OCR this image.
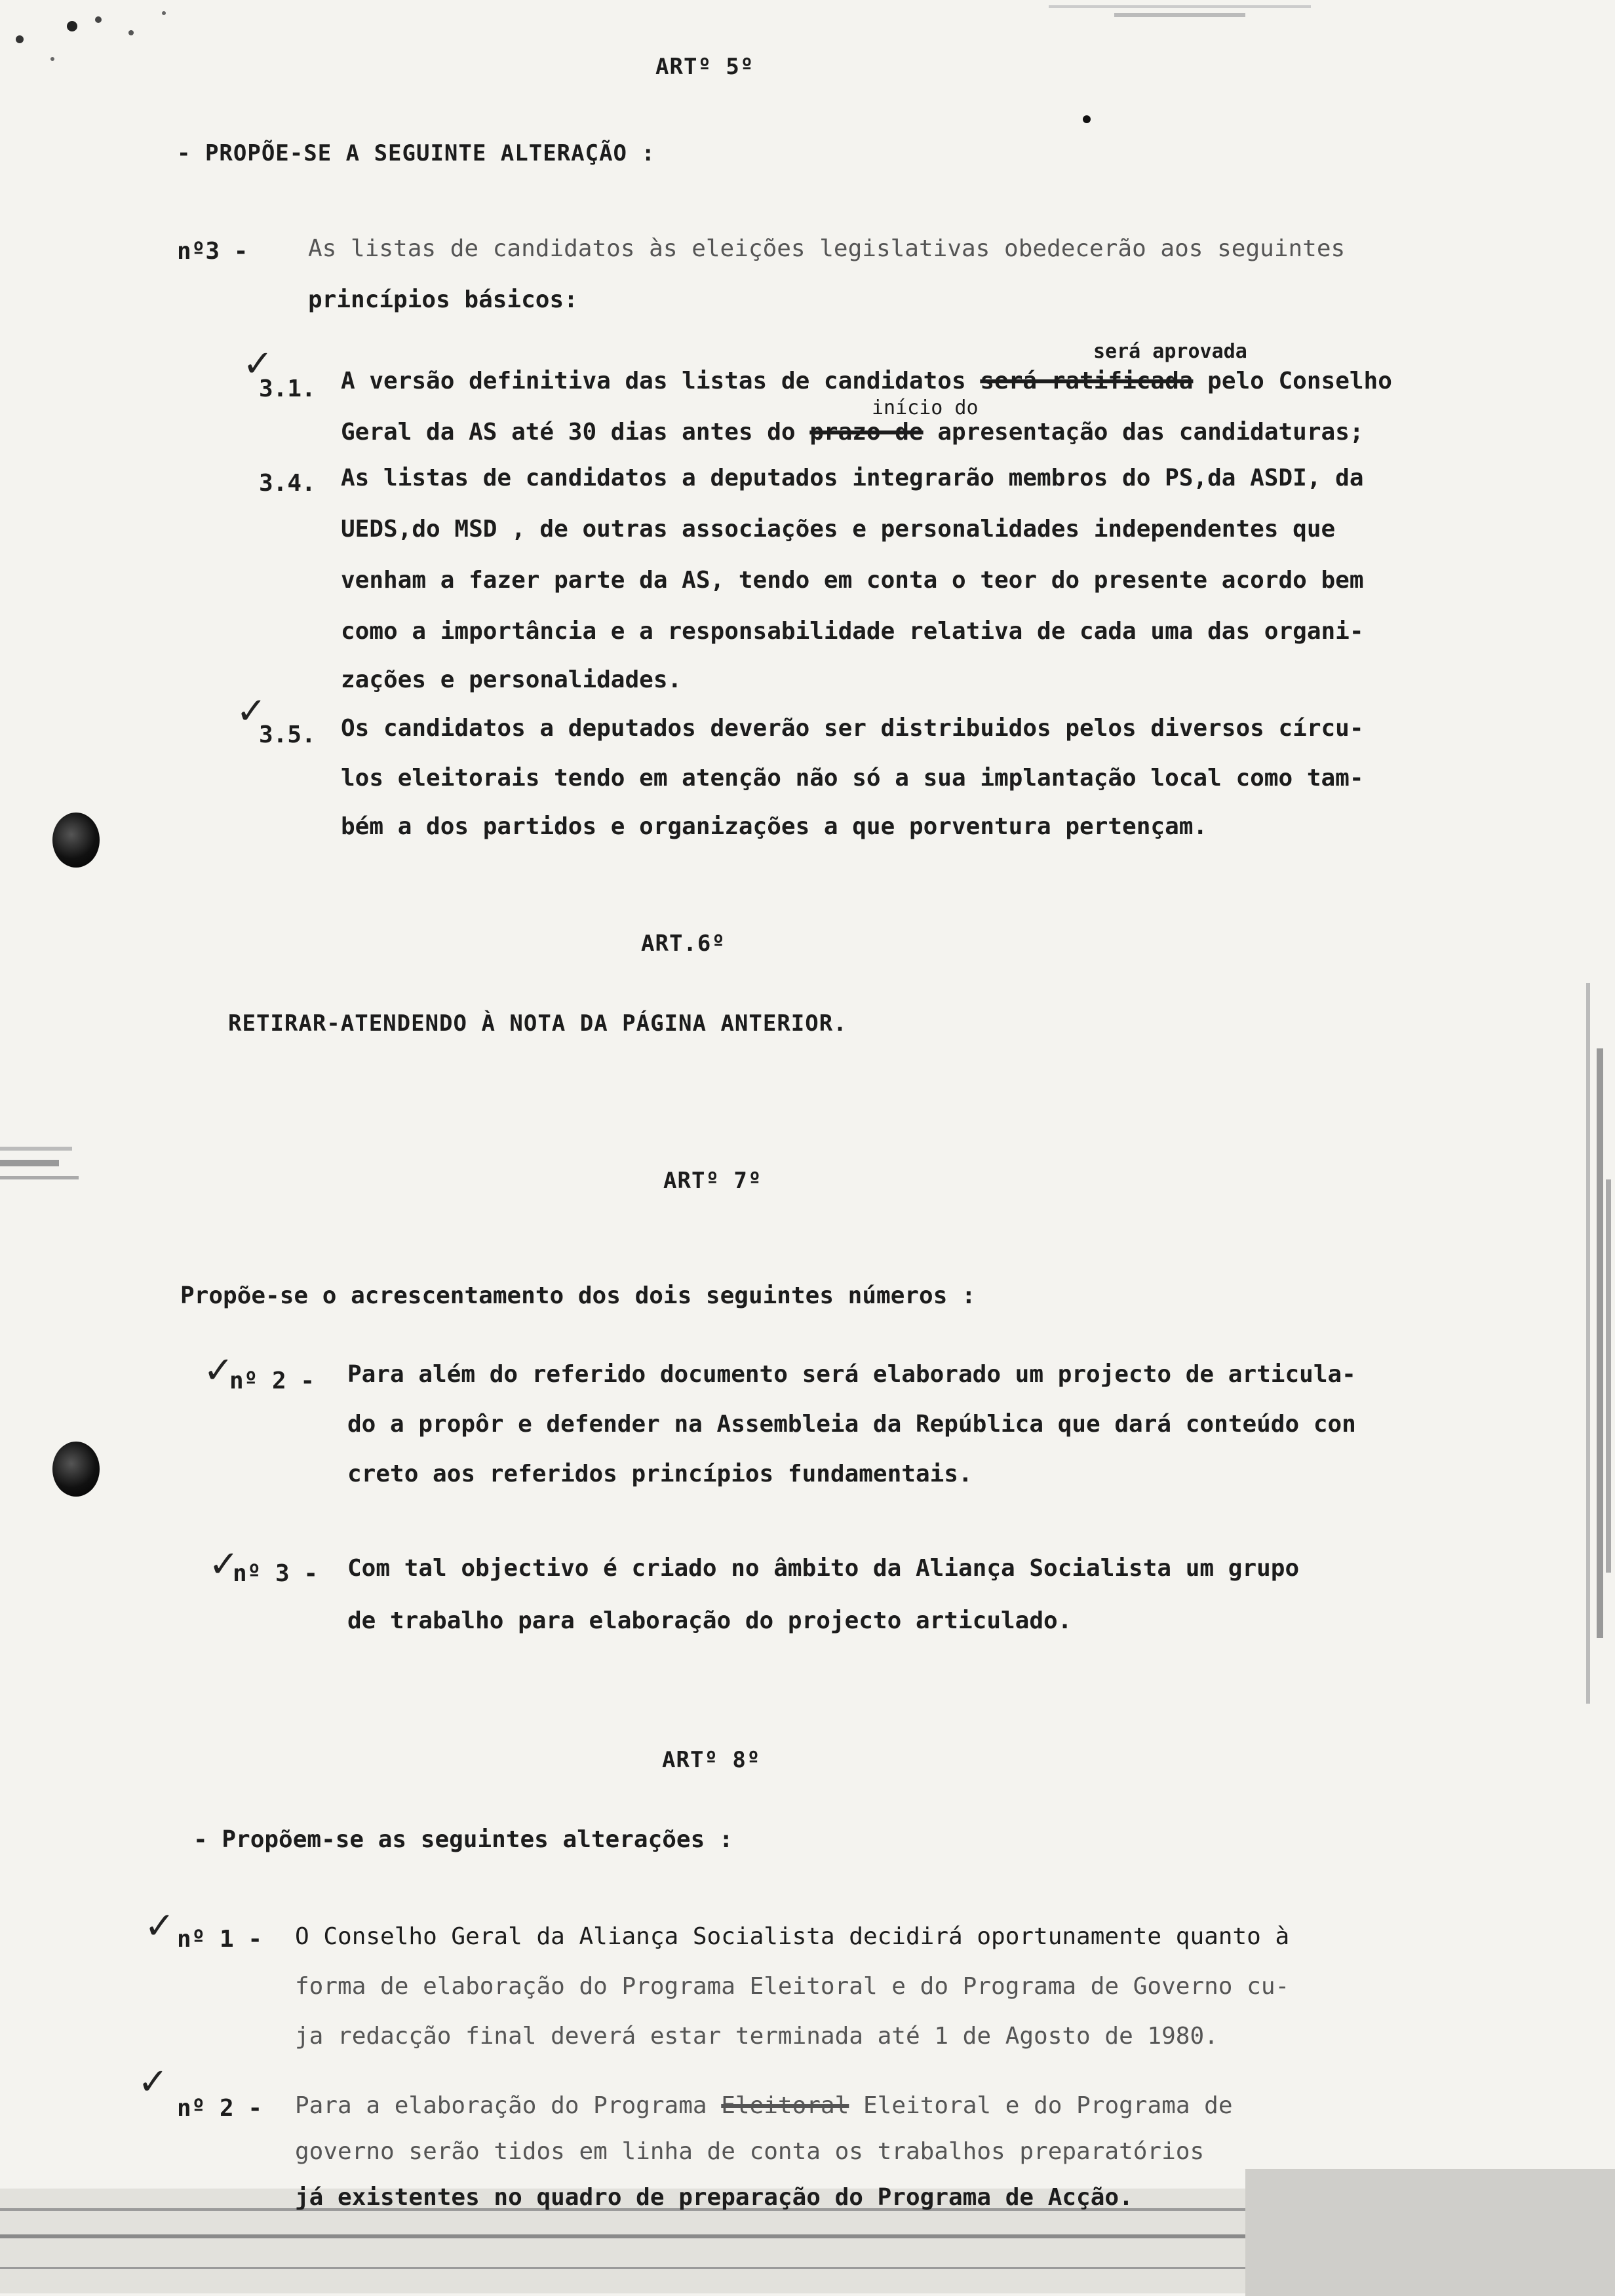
ARTº 5º
- PROPÕE-SE A SEGUINTE ALTERAÇÃO :
nº3 -	As listas de candidatos às eleições legislativas obedecerão aos seguintes
princípios básicos:
✓
3.1.
será aprovada
A versão definitiva das listas de candidatos será ratificada pelo Conselho
início do
Geral da AS até 30 dias antes do prazo de apresentação das candidaturas;
3.4. As listas de candidatos a deputados integrarão membros do PS,da ASDI, da
UEDS,do MSD , de outras associações e personalidades independentes que
venham a fazer parte da AS, tendo em conta o teor do presente acordo bem
como a importância e a responsabilidade relativa de cada uma das organi-
zações e personalidades.
✓
3.5. Os candidatos a deputados deverão ser distribuidos pelos diversos círcu-
los eleitorais tendo em atenção não só a sua implantação local como tam-
bém a dos partidos e organizações a que porventura pertençam.
ART.6º
RETIRAR-ATENDENDO À NOTA DA PÁGINA ANTERIOR.
ARTº 7º
Propõe-se o acrescentamento dos dois seguintes números :
✓
nº 2 - Para além do referido documento será elaborado um projecto de articula-
do a propôr e defender na Assembleia da República que dará conteúdo con
creto aos referidos princípios fundamentais.
✓
nº 3 - Com tal objectivo é criado no âmbito da Aliança Socialista um grupo
de trabalho para elaboração do projecto articulado.
ARTº 8º
- Propõem-se as seguintes alterações :
✓ nº 1 - O Conselho Geral da Aliança Socialista decidirá oportunamente quanto à
forma de elaboração do Programa Eleitoral e do Programa de Governo cu-
ja redacção final deverá estar terminada até 1 de Agosto de 1980.
✓
nº 2 - Para a elaboração do Programa Eleitoral Eleitoral e do Programa de
governo serão tidos em linha de conta os trabalhos preparatórios
já existentes no quadro de preparação do Programa de Acção.
